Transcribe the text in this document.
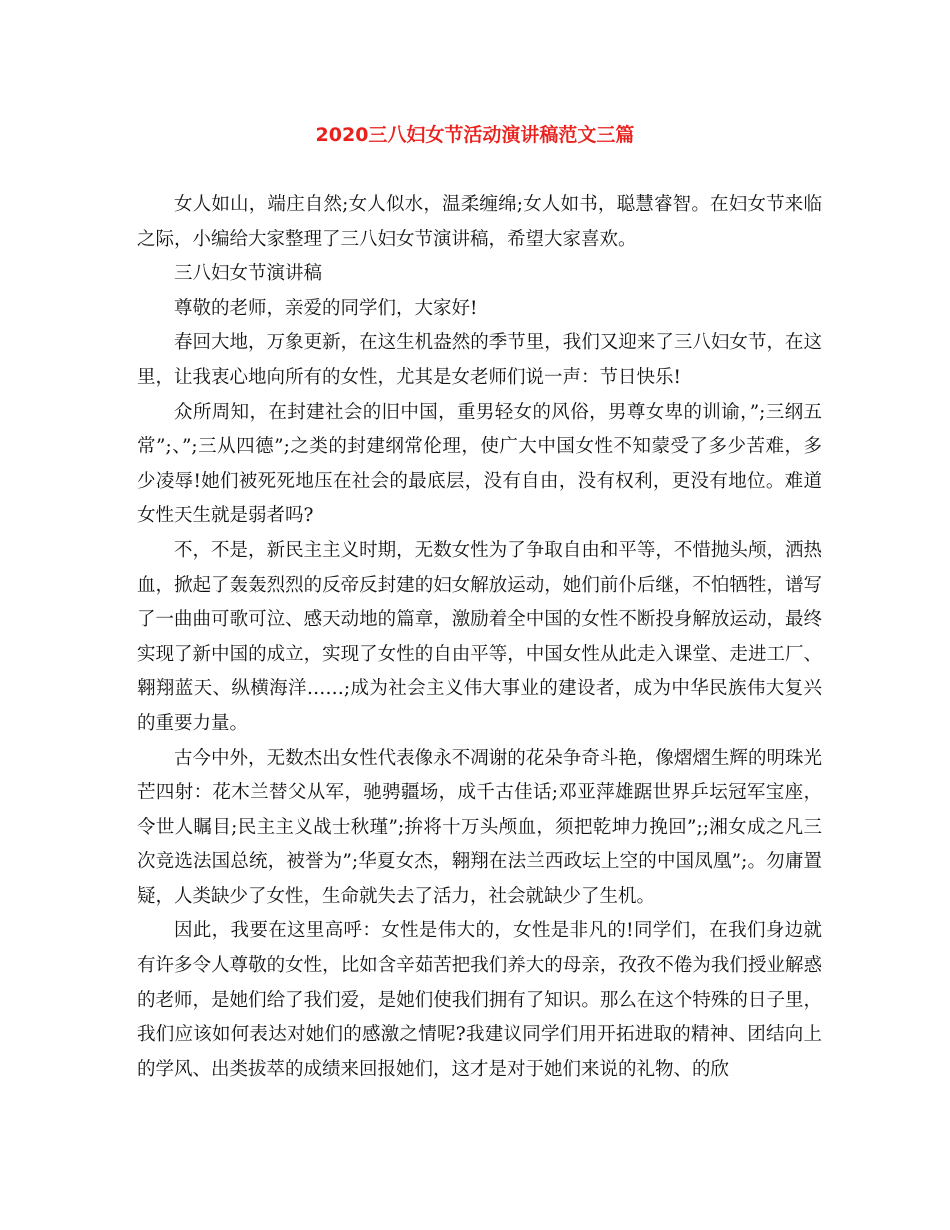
2020三八妇女节活动演讲稿范文三篇

女人如山，端庄自然;女人似水，温柔缠绵;女人如书，聪慧睿智。在妇女节来临之际，小编给大家整理了三八妇女节演讲稿，希望大家喜欢。

三八妇女节演讲稿

尊敬的老师，亲爱的同学们，大家好!

春回大地，万象更新，在这生机盎然的季节里，我们又迎来了三八妇女节，在这里，让我衷心地向所有的女性，尤其是女老师们说一声：节日快乐!

众所周知，在封建社会的旧中国，重男轻女的风俗，男尊女卑的训谕，”;三纲五常”;、”;三从四德”;之类的封建纲常伦理，使广大中国女性不知蒙受了多少苦难，多少凌辱!她们被死死地压在社会的最底层，没有自由，没有权利，更没有地位。难道女性天生就是弱者吗?

不，不是，新民主主义时期，无数女性为了争取自由和平等，不惜抛头颅，洒热血，掀起了轰轰烈烈的反帝反封建的妇女解放运动，她们前仆后继，不怕牺牲，谱写了一曲曲可歌可泣、感天动地的篇章，激励着全中国的女性不断投身解放运动，最终实现了新中国的成立，实现了女性的自由平等，中国女性从此走入课堂、走进工厂、翱翔蓝天、纵横海洋……;成为社会主义伟大事业的建设者，成为中华民族伟大复兴的重要力量。

古今中外，无数杰出女性代表像永不凋谢的花朵争奇斗艳，像熠熠生辉的明珠光芒四射：花木兰替父从军，驰骋疆场，成千古佳话;邓亚萍雄踞世界乒坛冠军宝座，令世人瞩目;民主主义战士秋瑾”;拚将十万头颅血，须把乾坤力挽回”;;湘女成之凡三次竞选法国总统，被誉为”;华夏女杰，翱翔在法兰西政坛上空的中国凤凰”;。勿庸置疑，人类缺少了女性，生命就失去了活力，社会就缺少了生机。

因此，我要在这里高呼：女性是伟大的，女性是非凡的!同学们，在我们身边就有许多令人尊敬的女性，比如含辛茹苦把我们养大的母亲，孜孜不倦为我们授业解惑的老师，是她们给了我们爱，是她们使我们拥有了知识。那么在这个特殊的日子里，我们应该如何表达对她们的感激之情呢?我建议同学们用开拓进取的精神、团结向上的学风、出类拔萃的成绩来回报她们，这才是对于她们来说的礼物、的欣
